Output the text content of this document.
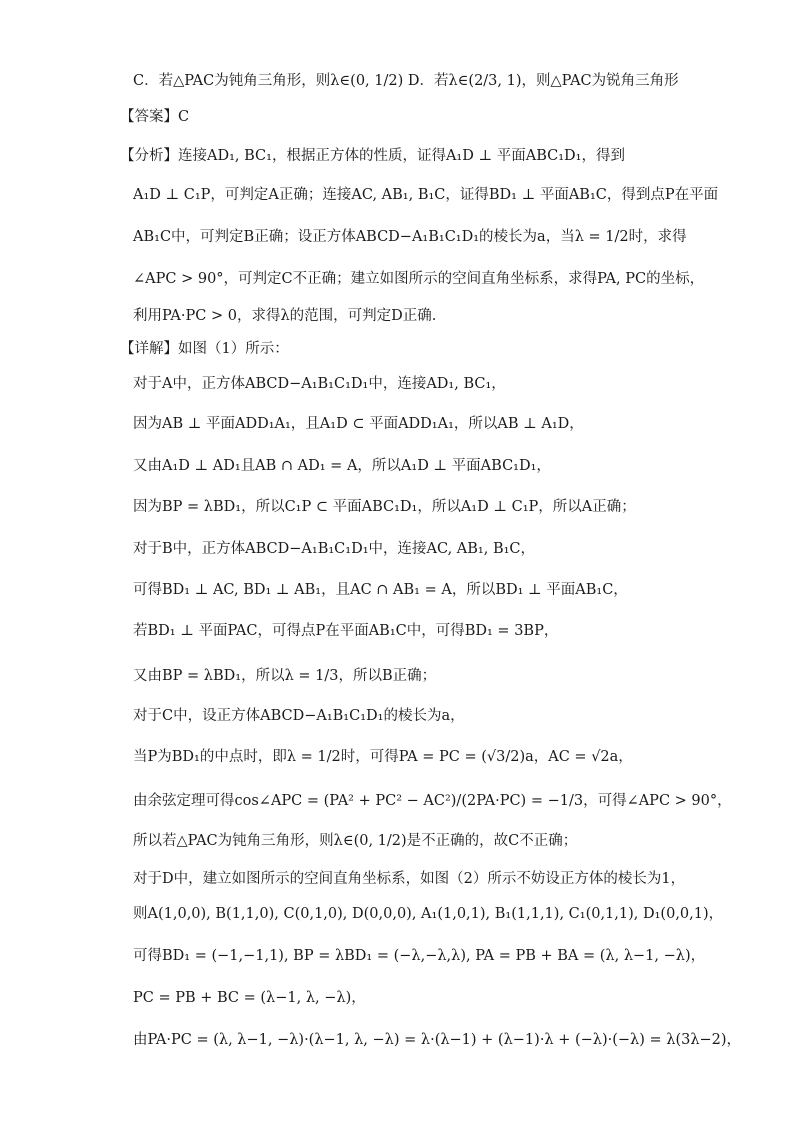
C．若△PAC为钝角三角形，则λ∈(0, 1/2) D．若λ∈(2/3, 1)，则△PAC为锐角三角形
【答案】C
【分析】连接AD₁, BC₁，根据正方体的性质，证得A₁D ⊥ 平面ABC₁D₁，得到
A₁D ⊥ C₁P，可判定A正确；连接AC, AB₁, B₁C，证得BD₁ ⊥ 平面AB₁C，得到点P在平面
AB₁C中，可判定B正确；设正方体ABCD−A₁B₁C₁D₁的棱长为a，当λ = 1/2时，求得
∠APC > 90°，可判定C不正确；建立如图所示的空间直角坐标系，求得PA, PC的坐标，
利用PA·PC > 0，求得λ的范围，可判定D正确.
【详解】如图（1）所示：
对于A中，正方体ABCD−A₁B₁C₁D₁中，连接AD₁, BC₁，
因为AB ⊥ 平面ADD₁A₁，且A₁D ⊂ 平面ADD₁A₁，所以AB ⊥ A₁D，
又由A₁D ⊥ AD₁且AB ∩ AD₁ = A，所以A₁D ⊥ 平面ABC₁D₁，
因为BP = λBD₁，所以C₁P ⊂ 平面ABC₁D₁，所以A₁D ⊥ C₁P，所以A正确；
对于B中，正方体ABCD−A₁B₁C₁D₁中，连接AC, AB₁, B₁C，
可得BD₁ ⊥ AC, BD₁ ⊥ AB₁，且AC ∩ AB₁ = A，所以BD₁ ⊥ 平面AB₁C，
若BD₁ ⊥ 平面PAC，可得点P在平面AB₁C中，可得BD₁ = 3BP，
又由BP = λBD₁，所以λ = 1/3，所以B正确；
对于C中，设正方体ABCD−A₁B₁C₁D₁的棱长为a，
当P为BD₁的中点时，即λ = 1/2时，可得PA = PC = (√3/2)a，AC = √2a，
由余弦定理可得cos∠APC = (PA² + PC² − AC²)/(2PA·PC) = −1/3，可得∠APC > 90°，
所以若△PAC为钝角三角形，则λ∈(0, 1/2)是不正确的，故C不正确；
对于D中，建立如图所示的空间直角坐标系，如图（2）所示不妨设正方体的棱长为1，
则A(1,0,0), B(1,1,0), C(0,1,0), D(0,0,0), A₁(1,0,1), B₁(1,1,1), C₁(0,1,1), D₁(0,0,1)，
可得BD₁ = (−1,−1,1), BP = λBD₁ = (−λ,−λ,λ), PA = PB + BA = (λ, λ−1, −λ)，
PC = PB + BC = (λ−1, λ, −λ)，
由PA·PC = (λ, λ−1, −λ)·(λ−1, λ, −λ) = λ·(λ−1) + (λ−1)·λ + (−λ)·(−λ) = λ(3λ−2)，
